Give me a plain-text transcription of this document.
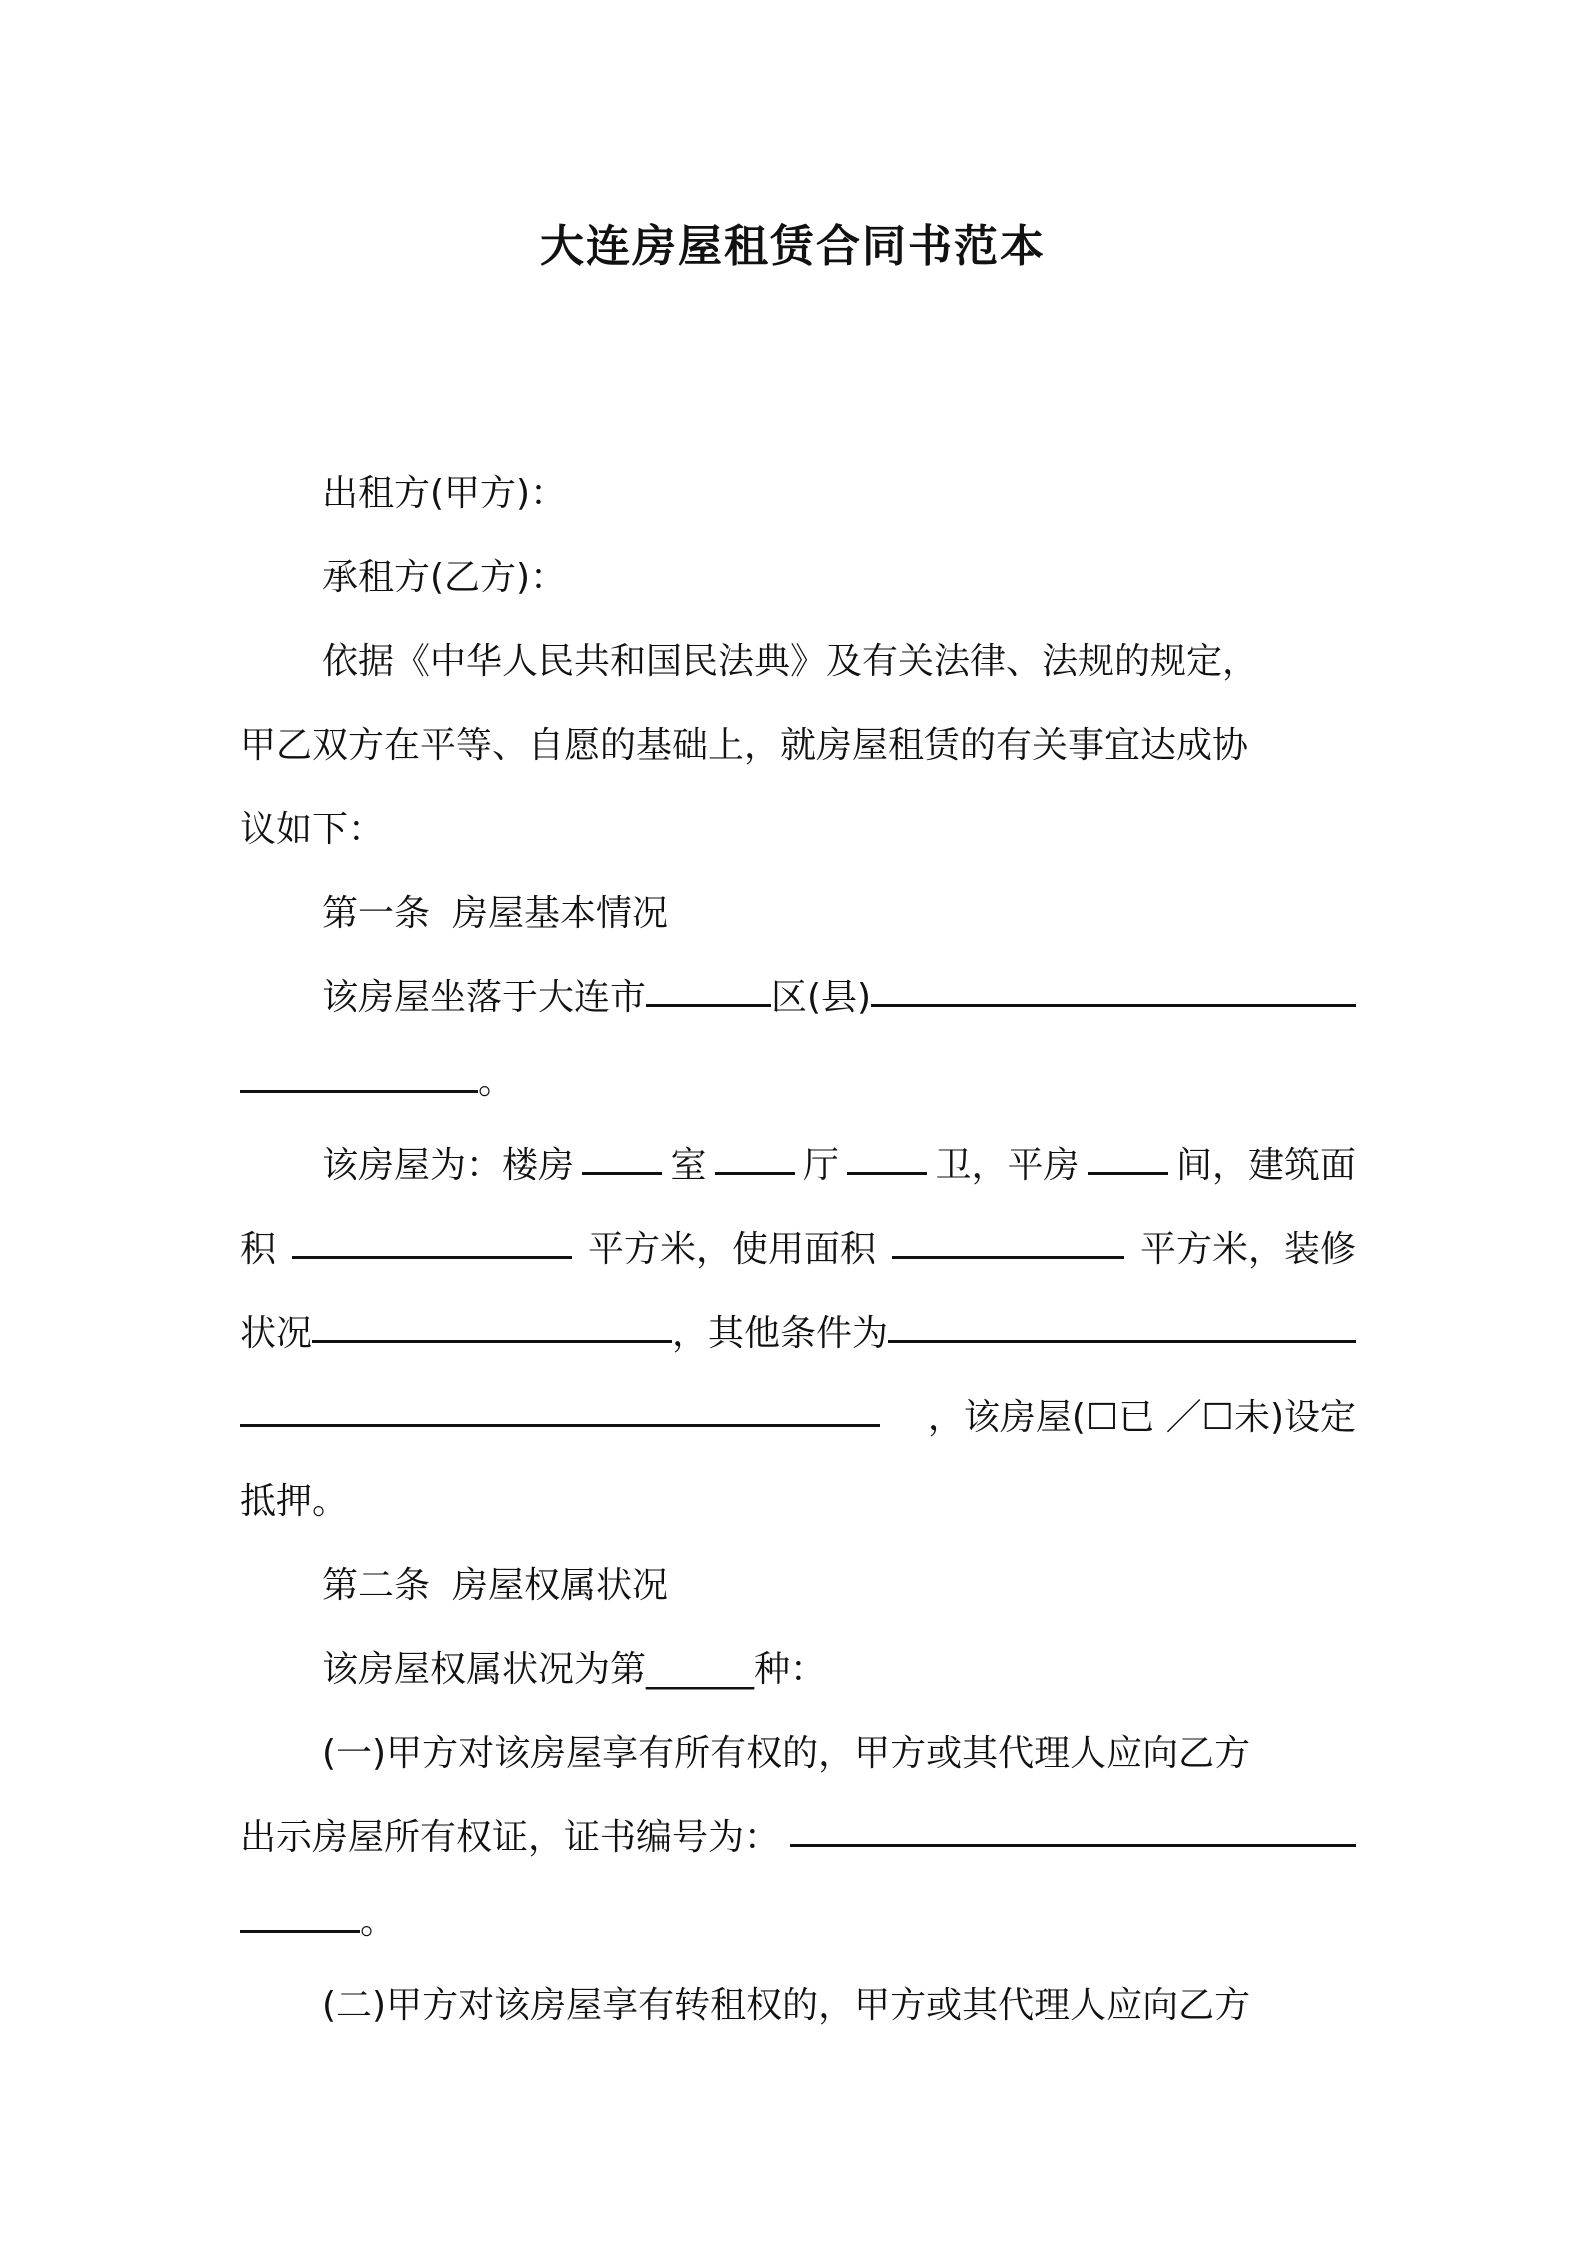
大连房屋租赁合同书范本
出租方(甲方)：
承租方(乙方)：
依据《中华人民共和国民法典》及有关法律、法规的规定，
甲乙双方在平等、自愿的基础上，就房屋租赁的有关事宜达成协
议如下：
第一条 房屋基本情况
该房屋坐落于大连市	区(县)
。
该房屋为：楼房	室	厅	卫，平房	间，建筑面
积	平方米，使用面积	平方米，装修
状况	，其他条件为
，该房屋(☐已 ／☐未)设定
抵押。
第二条 房屋权属状况
该房屋权属状况为第______种：
(一)甲方对该房屋享有所有权的，甲方或其代理人应向乙方
出示房屋所有权证，证书编号为：
。
(二)甲方对该房屋享有转租权的，甲方或其代理人应向乙方
